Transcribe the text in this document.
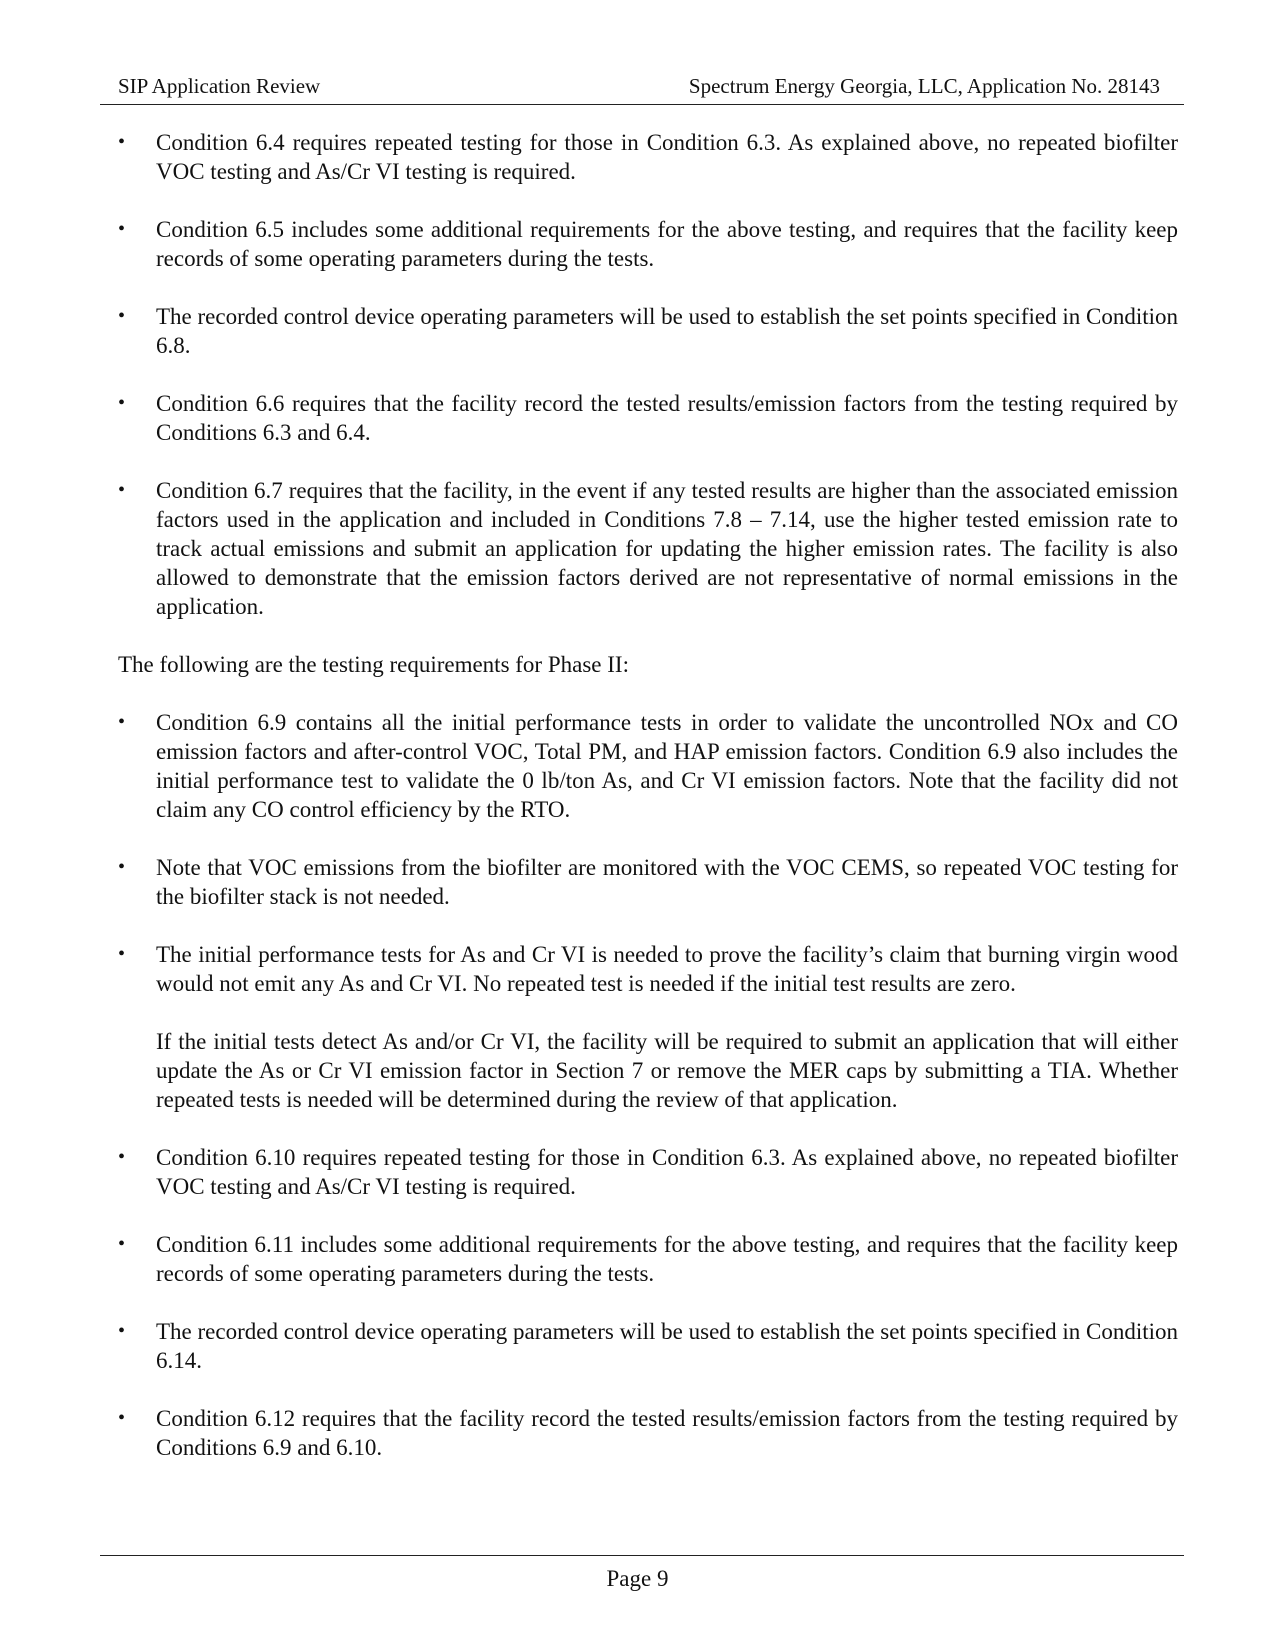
SIP Application Review	Spectrum Energy Georgia, LLC, Application No. 28143
•	Condition 6.4 requires repeated testing for those in Condition 6.3. As explained above, no repeated biofilter VOC testing and As/Cr VI testing is required.
•	Condition 6.5 includes some additional requirements for the above testing, and requires that the facility keep records of some operating parameters during the tests.
•	The recorded control device operating parameters will be used to establish the set points specified in Condition 6.8.
•	Condition 6.6 requires that the facility record the tested results/emission factors from the testing required by Conditions 6.3 and 6.4.
•	Condition 6.7 requires that the facility, in the event if any tested results are higher than the associated emission factors used in the application and included in Conditions 7.8 – 7.14, use the higher tested emission rate to track actual emissions and submit an application for updating the higher emission rates. The facility is also allowed to demonstrate that the emission factors derived are not representative of normal emissions in the application.

The following are the testing requirements for Phase II:

•	Condition 6.9 contains all the initial performance tests in order to validate the uncontrolled NOx and CO emission factors and after-control VOC, Total PM, and HAP emission factors. Condition 6.9 also includes the initial performance test to validate the 0 lb/ton As, and Cr VI emission factors. Note that the facility did not claim any CO control efficiency by the RTO.
•	Note that VOC emissions from the biofilter are monitored with the VOC CEMS, so repeated VOC testing for the biofilter stack is not needed.
•	The initial performance tests for As and Cr VI is needed to prove the facility’s claim that burning virgin wood would not emit any As and Cr VI. No repeated test is needed if the initial test results are zero.

If the initial tests detect As and/or Cr VI, the facility will be required to submit an application that will either update the As or Cr VI emission factor in Section 7 or remove the MER caps by submitting a TIA. Whether repeated tests is needed will be determined during the review of that application.

•	Condition 6.10 requires repeated testing for those in Condition 6.3. As explained above, no repeated biofilter VOC testing and As/Cr VI testing is required.
•	Condition 6.11 includes some additional requirements for the above testing, and requires that the facility keep records of some operating parameters during the tests.
•	The recorded control device operating parameters will be used to establish the set points specified in Condition 6.14.
•	Condition 6.12 requires that the facility record the tested results/emission factors from the testing required by Conditions 6.9 and 6.10.
Page 9
